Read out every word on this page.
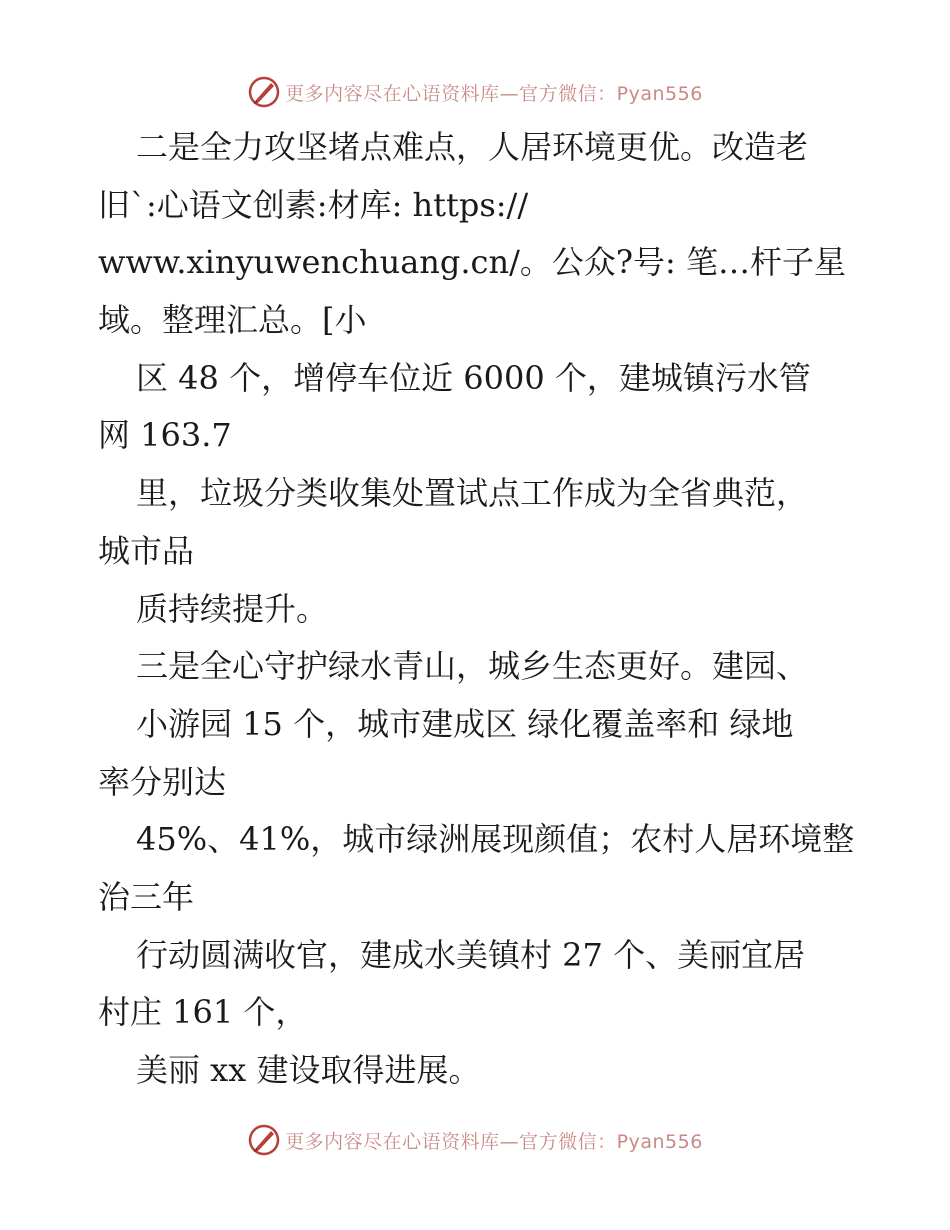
更多内容尽在心语资料库—官方微信：Pyan556
二是全力攻坚堵点难点，人居环境更优。改造老
旧`:心语文创素:材库: https://
www.xinyuwenchuang.cn/。公众?号: 笔…杆子星
域。整理汇总。[小
区 48 个，增停车位近 6000 个，建城镇污水管
网 163.7
里，垃圾分类收集处置试点工作成为全省典范，
城市品
质持续提升。
三是全心守护绿水青山，城乡生态更好。建园、
小游园 15 个，城市建成区 绿化覆盖率和 绿地
率分别达
45%、41%，城市绿洲展现颜值；农村人居环境整
治三年
行动圆满收官，建成水美镇村 27 个、美丽宜居
村庄 161 个，
美丽 xx 建设取得进展。
更多内容尽在心语资料库—官方微信：Pyan556
